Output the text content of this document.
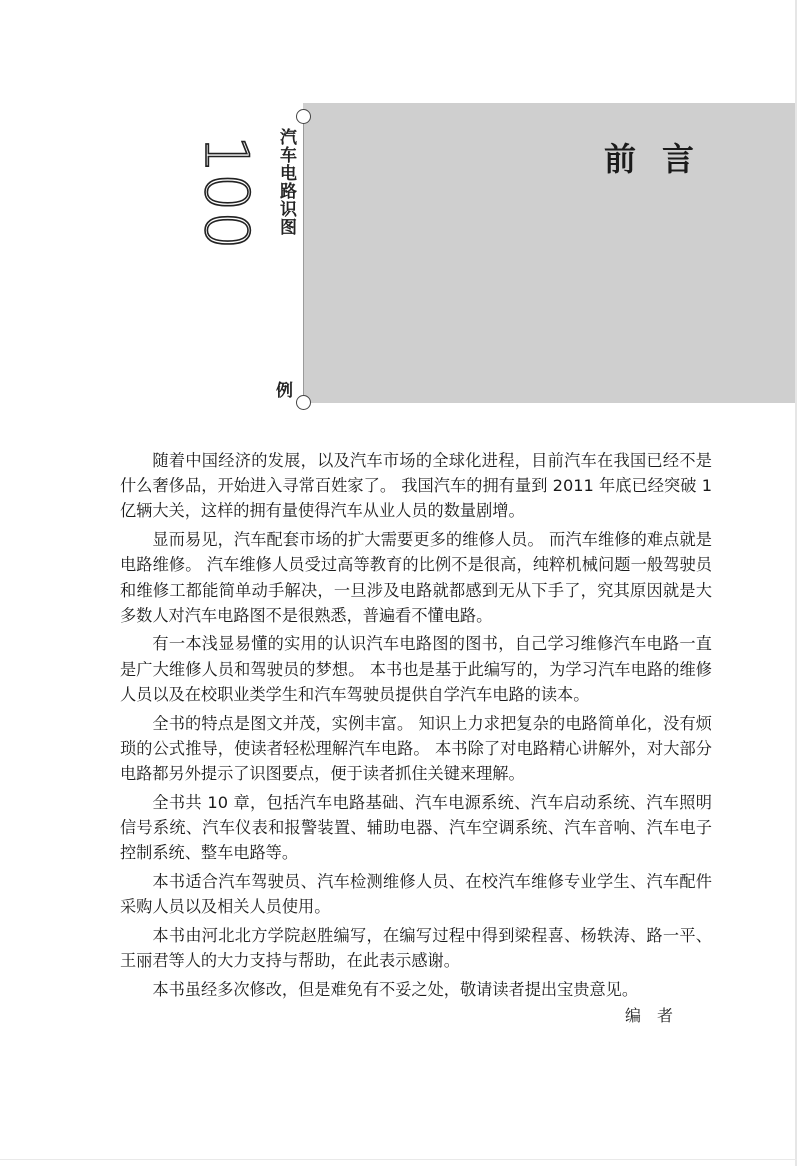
汽车电路识图
100
例
前言

随着中国经济的发展，以及汽车市场的全球化进程，目前汽车在我国已经不是什么奢侈品，开始进入寻常百姓家了。 我国汽车的拥有量到 2011 年底已经突破 1 亿辆大关，这样的拥有量使得汽车从业人员的数量剧增。

显而易见，汽车配套市场的扩大需要更多的维修人员。 而汽车维修的难点就是电路维修。 汽车维修人员受过高等教育的比例不是很高，纯粹机械问题一般驾驶员和维修工都能简单动手解决，一旦涉及电路就都感到无从下手了，究其原因就是大多数人对汽车电路图不是很熟悉，普遍看不懂电路。

有一本浅显易懂的实用的认识汽车电路图的图书，自己学习维修汽车电路一直是广大维修人员和驾驶员的梦想。 本书也是基于此编写的，为学习汽车电路的维修人员以及在校职业类学生和汽车驾驶员提供自学汽车电路的读本。

全书的特点是图文并茂，实例丰富。 知识上力求把复杂的电路简单化，没有烦琐的公式推导，使读者轻松理解汽车电路。 本书除了对电路精心讲解外，对大部分电路都另外提示了识图要点，便于读者抓住关键来理解。

全书共 10 章，包括汽车电路基础、汽车电源系统、汽车启动系统、汽车照明信号系统、汽车仪表和报警装置、辅助电器、汽车空调系统、汽车音响、汽车电子控制系统、整车电路等。

本书适合汽车驾驶员、汽车检测维修人员、在校汽车维修专业学生、汽车配件采购人员以及相关人员使用。

本书由河北北方学院赵胜编写，在编写过程中得到梁程喜、杨轶涛、路一平、王丽君等人的大力支持与帮助，在此表示感谢。

本书虽经多次修改，但是难免有不妥之处，敬请读者提出宝贵意见。

编者
